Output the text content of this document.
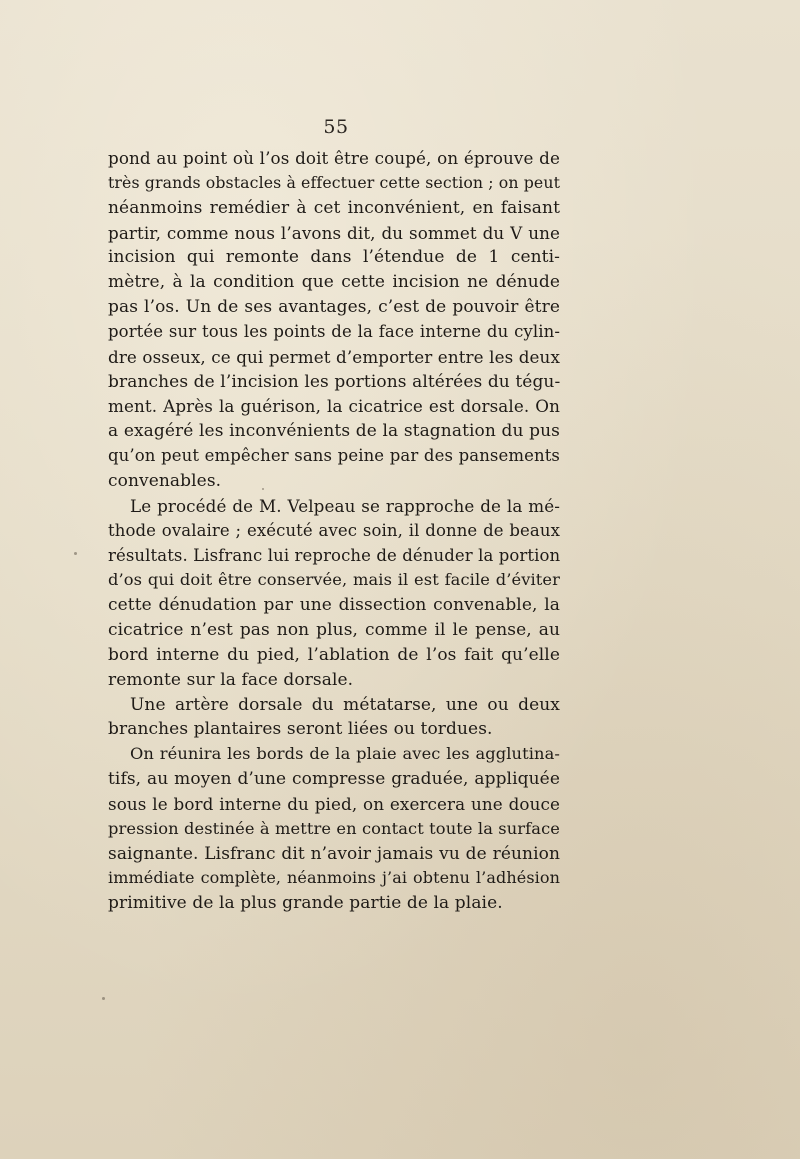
55
pond au point où l’os doit être coupé, on éprouve de
très grands obstacles à effectuer cette section ; on peut
néanmoins remédier à cet inconvénient, en faisant
partir, comme nous l’avons dit, du sommet du V une
incision qui remonte dans l’étendue de 1 centi-
mètre, à la condition que cette incision ne dénude
pas l’os. Un de ses avantages, c’est de pouvoir être
portée sur tous les points de la face interne du cylin-
dre osseux, ce qui permet d’emporter entre les deux
branches de l’incision les portions altérées du tégu-
ment. Après la guérison, la cicatrice est dorsale. On
a exagéré les inconvénients de la stagnation du pus
qu’on peut empêcher sans peine par des pansements
convenables.
Le procédé de M. Velpeau se rapproche de la mé-
thode ovalaire ; exécuté avec soin, il donne de beaux
résultats. Lisfranc lui reproche de dénuder la portion
d’os qui doit être conservée, mais il est facile d’éviter
cette dénudation par une dissection convenable, la
cicatrice n’est pas non plus, comme il le pense, au
bord interne du pied, l’ablation de l’os fait qu’elle
remonte sur la face dorsale.
Une artère dorsale du métatarse, une ou deux
branches plantaires seront liées ou tordues.
On réunira les bords de la plaie avec les agglutina-
tifs, au moyen d’une compresse graduée, appliquée
sous le bord interne du pied, on exercera une douce
pression destinée à mettre en contact toute la surface
saignante. Lisfranc dit n’avoir jamais vu de réunion
immédiate complète, néanmoins j’ai obtenu l’adhésion
primitive de la plus grande partie de la plaie.
